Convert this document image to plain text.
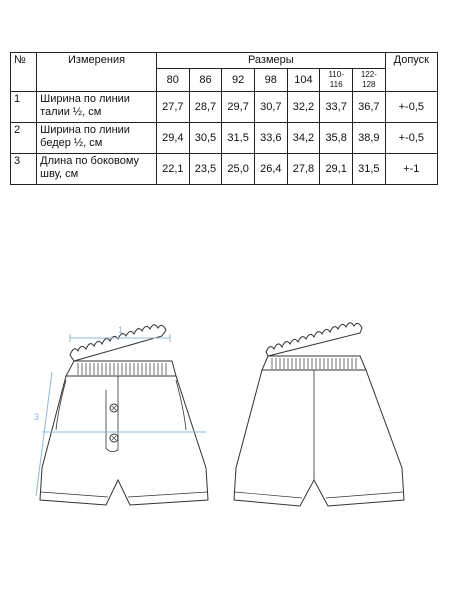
№	Измерения	Размеры							Допуск
		80	86	92	98	104	110-116	122-128	
1	Ширина по линии талии ½, см	27,7	28,7	29,7	30,7	32,2	33,7	36,7	+-0,5
2	Ширина по линии бедер ½, см	29,4	30,5	31,5	33,6	34,2	35,8	38,9	+-0,5
3	Длина по боковому шву, см	22,1	23,5	25,0	26,4	27,8	29,1	31,5	+-1
1
3
